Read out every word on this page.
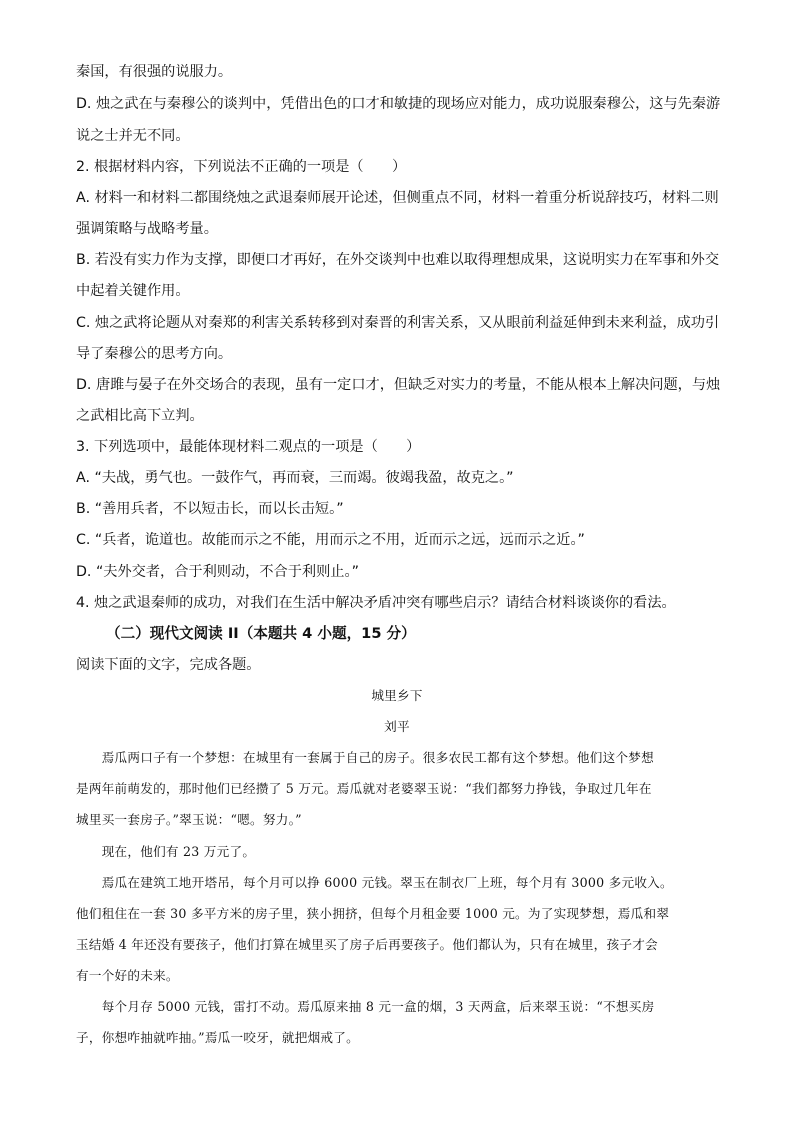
秦国，有很强的说服力。
D. 烛之武在与秦穆公的谈判中，凭借出色的口才和敏捷的现场应对能力，成功说服秦穆公，这与先秦游
说之士并无不同。
2. 根据材料内容，下列说法不正确的一项是（　　）
A. 材料一和材料二都围绕烛之武退秦师展开论述，但侧重点不同，材料一着重分析说辞技巧，材料二则
强调策略与战略考量。
B. 若没有实力作为支撑，即便口才再好，在外交谈判中也难以取得理想成果，这说明实力在军事和外交
中起着关键作用。
C. 烛之武将论题从对秦郑的利害关系转移到对秦晋的利害关系，又从眼前利益延伸到未来利益，成功引
导了秦穆公的思考方向。
D. 唐雎与晏子在外交场合的表现，虽有一定口才，但缺乏对实力的考量，不能从根本上解决问题，与烛
之武相比高下立判。
3. 下列选项中，最能体现材料二观点的一项是（　　）
A. “夫战，勇气也。一鼓作气，再而衰，三而竭。彼竭我盈，故克之。”
B. “善用兵者，不以短击长，而以长击短。”
C. “兵者，诡道也。故能而示之不能，用而示之不用，近而示之远，远而示之近。”
D. “夫外交者，合于利则动，不合于利则止。”
4. 烛之武退秦师的成功，对我们在生活中解决矛盾冲突有哪些启示？请结合材料谈谈你的看法。
（二）现代文阅读 II（本题共 4 小题，15 分）
阅读下面的文字，完成各题。
城里乡下
刘平
　　焉瓜两口子有一个梦想：在城里有一套属于自己的房子。很多农民工都有这个梦想。他们这个梦想
是两年前萌发的，那时他们已经攒了 5 万元。焉瓜就对老婆翠玉说：“我们都努力挣钱，争取过几年在
城里买一套房子。”翠玉说：“嗯。努力。”
　　现在，他们有 23 万元了。
　　焉瓜在建筑工地开塔吊，每个月可以挣 6000 元钱。翠玉在制衣厂上班，每个月有 3000 多元收入。
他们租住在一套 30 多平方米的房子里，狭小拥挤，但每个月租金要 1000 元。为了实现梦想，焉瓜和翠
玉结婚 4 年还没有要孩子，他们打算在城里买了房子后再要孩子。他们都认为，只有在城里，孩子才会
有一个好的未来。
　　每个月存 5000 元钱，雷打不动。焉瓜原来抽 8 元一盒的烟，3 天两盒，后来翠玉说：“不想买房
子，你想咋抽就咋抽。”焉瓜一咬牙，就把烟戒了。
